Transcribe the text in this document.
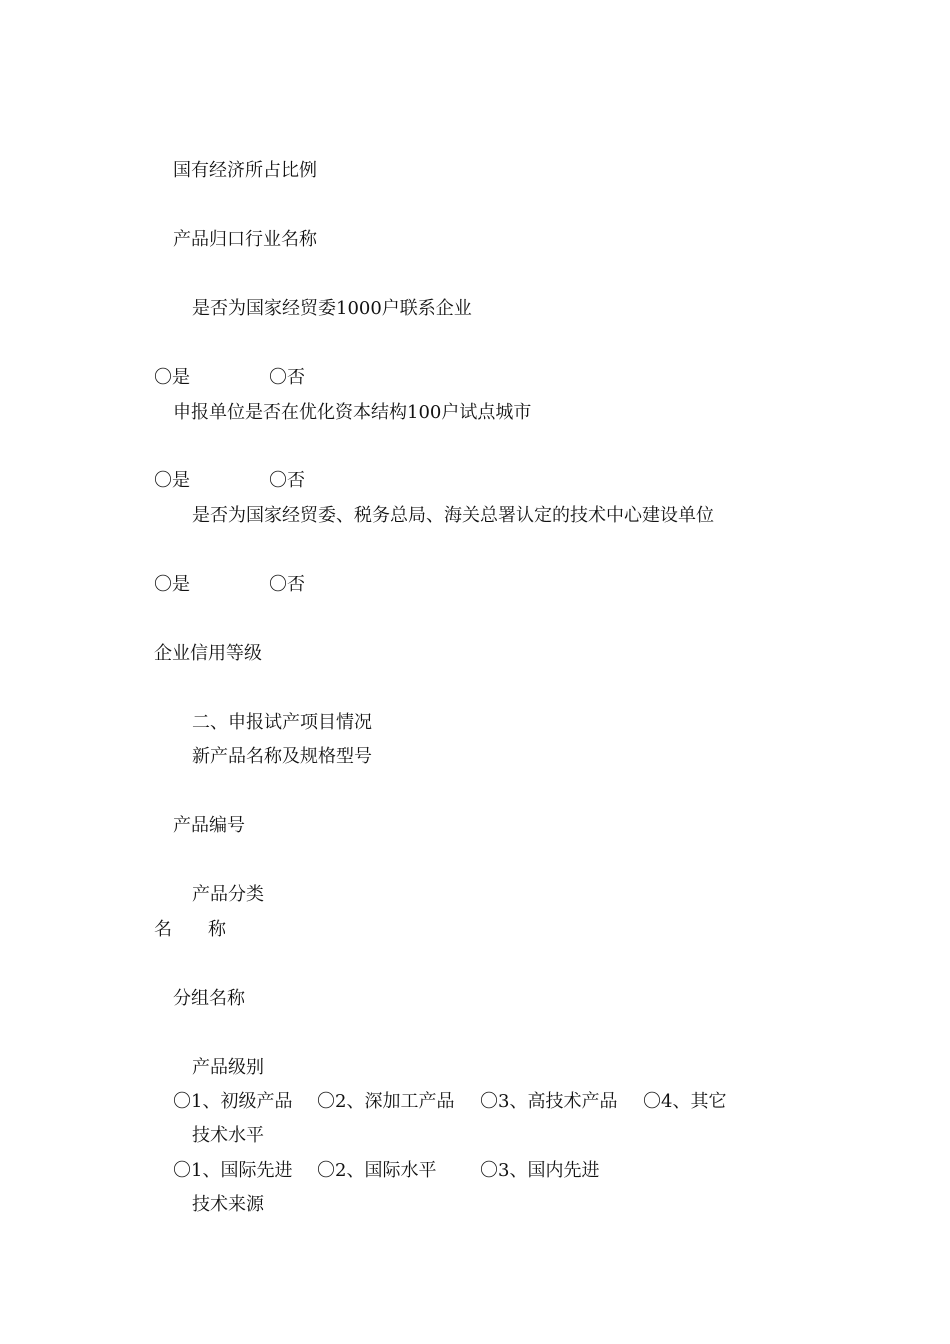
国有经济所占比例
产品归口行业名称
是否为国家经贸委1000户联系企业
〇是	〇否
申报单位是否在优化资本结构100户试点城市
〇是	〇否
是否为国家经贸委、税务总局、海关总署认定的技术中心建设单位
〇是	〇否
企业信用等级
二、申报试产项目情况
新产品名称及规格型号
产品编号
产品分类
名　　称
分组名称
产品级别
〇1、初级产品 〇2、深加工产品 〇3、高技术产品 〇4、其它
技术水平
〇1、国际先进 〇2、国际水平 〇3、国内先进
技术来源
